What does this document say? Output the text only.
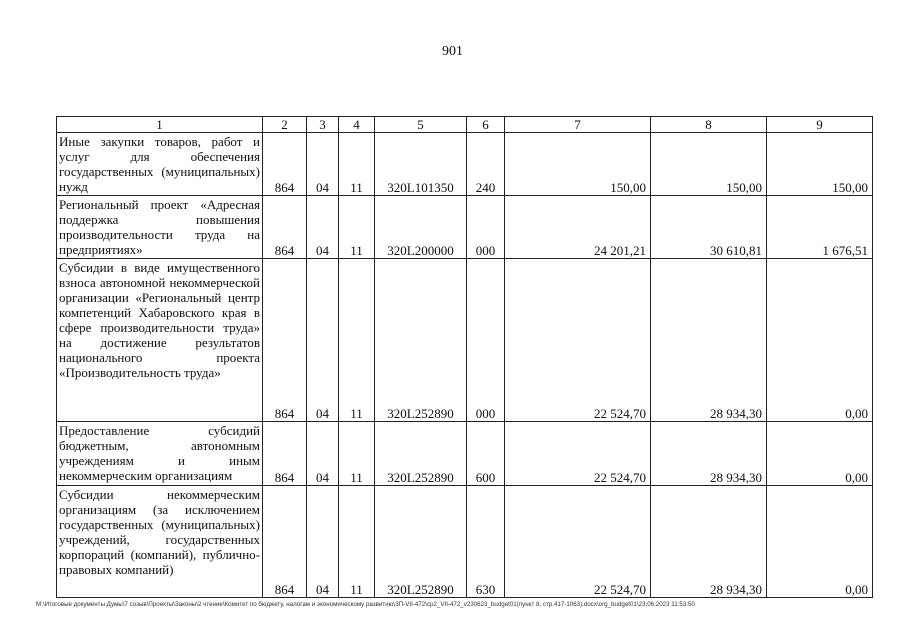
901
1	2	3	4	5	6	7	8	9

Иные закупки товаров, работ и услуг для обеспечения государственных (муниципальных) нужд	864	04	11	320L101350	240	150,00	150,00	150,00

Региональный проект «Адресная поддержка повышения производительности труда на предприятиях»	864	04	11	320L200000	000	24 201,21	30 610,81	1 676,51

Субсидии в виде имущественного взноса автономной некоммерческой организации «Региональный центр компетенций Хабаровского края в сфере производительности труда» на достижение результатов национального проекта «Производительность труда»	864	04	11	320L252890	000	22 524,70	28 934,30	0,00

Предоставление субсидий бюджетным, автономным учреждениям и иным некоммерческим организациям	864	04	11	320L252890	600	22 524,70	28 934,30	0,00

Субсидии некоммерческим организациям (за исключением государственных (муниципальных) учреждений, государственных корпораций (компаний), публично-правовых компаний)	864	04	11	320L252890	630	22 524,70	28 934,30	0,00
M:\Итоговые документы Думы\7 созыв\Проекты\Законы\2 чтение\Комитет по бюджету, налогам и экономическому развитию\ЗП-VII-472\ср2_VII-472_v230623_budget01(пункт 8, стр.417-1063).docx\org_budget01\23.06.2023 11:53:50
